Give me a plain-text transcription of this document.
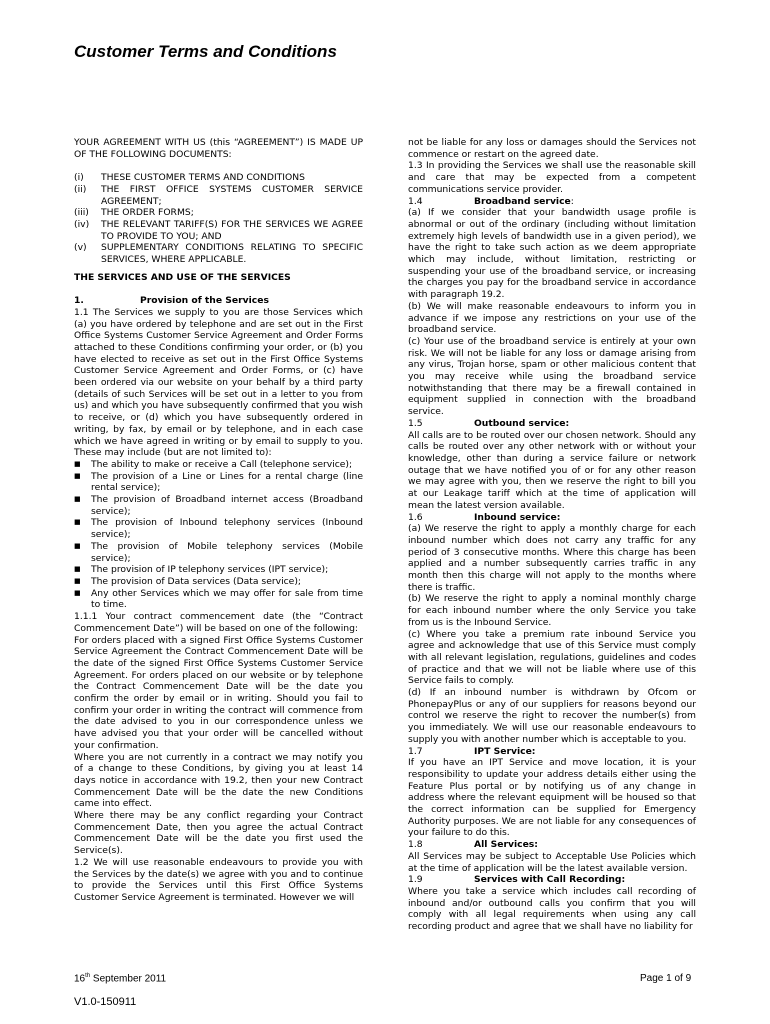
Customer Terms and Conditions

YOUR AGREEMENT WITH US (this “AGREEMENT”) IS MADE UP OF THE FOLLOWING DOCUMENTS:

(i)	THESE CUSTOMER TERMS AND CONDITIONS
(ii)	THE FIRST OFFICE SYSTEMS CUSTOMER SERVICE AGREEMENT;
(iii)	THE ORDER FORMS;
(iv)	THE RELEVANT TARIFF(S) FOR THE SERVICES WE AGREE TO PROVIDE TO YOU; AND
(v)	SUPPLEMENTARY CONDITIONS RELATING TO SPECIFIC SERVICES, WHERE APPLICABLE.

THE SERVICES AND USE OF THE SERVICES

1.	Provision of the Services

1.1 The Services we supply to you are those Services which (a) you have ordered by telephone and are set out in the First Office Systems Customer Service Agreement and Order Forms attached to these Conditions confirming your order, or (b) you have elected to receive as set out in the First Office Systems Customer Service Agreement and Order Forms, or (c) have been ordered via our website on your behalf by a third party (details of such Services will be set out in a letter to you from us) and which you have subsequently confirmed that you wish to receive, or (d) which you have subsequently ordered in writing, by fax, by email or by telephone, and in each case which we have agreed in writing or by email to supply to you. These may include (but are not limited to):

■	The ability to make or receive a Call (telephone service);
■	The provision of a Line or Lines for a rental charge (line rental service);
■	The provision of Broadband internet access (Broadband service);
■	The provision of Inbound telephony services (Inbound service);
■	The provision of Mobile telephony services (Mobile service);
■	The provision of IP telephony services (IPT service);
■	The provision of Data services (Data service);
■	Any other Services which we may offer for sale from time to time.

1.1.1 Your contract commencement date (the “Contract Commencement Date”) will be based on one of the following:

For orders placed with a signed First Office Systems Customer Service Agreement the Contract Commencement Date will be the date of the signed First Office Systems Customer Service Agreement. For orders placed on our website or by telephone the Contract Commencement Date will be the date you confirm the order by email or in writing. Should you fail to confirm your order in writing the contract will commence from the date advised to you in our correspondence unless we have advised you that your order will be cancelled without your confirmation.

Where you are not currently in a contract we may notify you of a change to these Conditions, by giving you at least 14 days notice in accordance with 19.2, then your new Contract Commencement Date will be the date the new Conditions came into effect.

Where there may be any conflict regarding your Contract Commencement Date, then you agree the actual Contract Commencement Date will be the date you first used the Service(s).

1.2 We will use reasonable endeavours to provide you with the Services by the date(s) we agree with you and to continue to provide the Services until this First Office Systems Customer Service Agreement is terminated. However we will

not be liable for any loss or damages should the Services not commence or restart on the agreed date.

1.3 In providing the Services we shall use the reasonable skill and care that may be expected from a competent communications service provider.

1.4	Broadband service:

(a) If we consider that your bandwidth usage profile is abnormal or out of the ordinary (including without limitation extremely high levels of bandwidth use in a given period), we have the right to take such action as we deem appropriate which may include, without limitation, restricting or suspending your use of the broadband service, or increasing the charges you pay for the broadband service in accordance with paragraph 19.2.

(b) We will make reasonable endeavours to inform you in advance if we impose any restrictions on your use of the broadband service.

(c) Your use of the broadband service is entirely at your own risk. We will not be liable for any loss or damage arising from any virus, Trojan horse, spam or other malicious content that you may receive while using the broadband service notwithstanding that there may be a firewall contained in equipment supplied in connection with the broadband service.

1.5	Outbound service:

All calls are to be routed over our chosen network. Should any calls be routed over any other network with or without your knowledge, other than during a service failure or network outage that we have notified you of or for any other reason we may agree with you, then we reserve the right to bill you at our Leakage tariff which at the time of application will mean the latest version available.

1.6	Inbound service:

(a) We reserve the right to apply a monthly charge for each inbound number which does not carry any traffic for any period of 3 consecutive months. Where this charge has been applied and a number subsequently carries traffic in any month then this charge will not apply to the months where there is traffic.

(b) We reserve the right to apply a nominal monthly charge for each inbound number where the only Service you take from us is the Inbound Service.

(c) Where you take a premium rate inbound Service you agree and acknowledge that use of this Service must comply with all relevant legislation, regulations, guidelines and codes of practice and that we will not be liable where use of this Service fails to comply.

(d) If an inbound number is withdrawn by Ofcom or PhonepayPlus or any of our suppliers for reasons beyond our control we reserve the right to recover the number(s) from you immediately. We will use our reasonable endeavours to supply you with another number which is acceptable to you.

1.7	IPT Service:

If you have an IPT Service and move location, it is your responsibility to update your address details either using the Feature Plus portal or by notifying us of any change in address where the relevant equipment will be housed so that the correct information can be supplied for Emergency Authority purposes. We are not liable for any consequences of your failure to do this.

1.8	All Services:

All Services may be subject to Acceptable Use Policies which at the time of application will be the latest available version.

1.9	Services with Call Recording:

Where you take a service which includes call recording of inbound and/or outbound calls you confirm that you will comply with all legal requirements when using any call recording product and agree that we shall have no liability for

16th September 2011	Page 1 of 9
V1.0-150911
